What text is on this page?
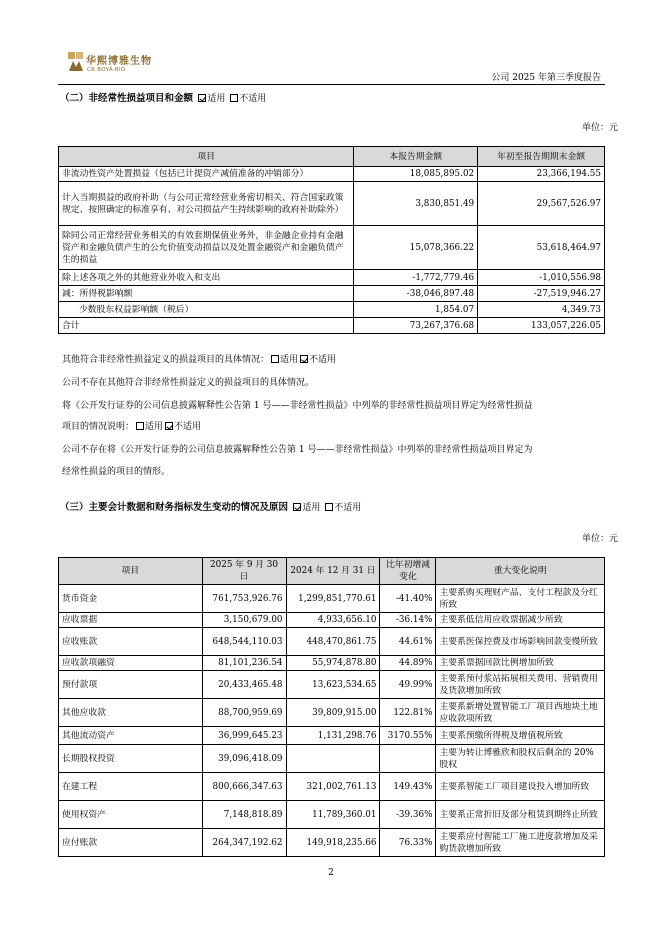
华熙博雅生物
CR BOYA-BIO
公司 2025 年第三季度报告
（二）非经常性损益项目和金额 适用 不适用
单位：元
项目	本报告期金额	年初至报告期期末金额
非流动性资产处置损益（包括已计提资产减值准备的冲销部分）	18,085,895.02	23,366,194.55
计入当期损益的政府补助（与公司正常经营业务密切相关、符合国家政策规定、按照确定的标准享有、对公司损益产生持续影响的政府补助除外）	3,830,851.49	29,567,526.97
除同公司正常经营业务相关的有效套期保值业务外，非金融企业持有金融资产和金融负债产生的公允价值变动损益以及处置金融资产和金融负债产生的损益	15,078,366.22	53,618,464.97
除上述各项之外的其他营业外收入和支出	-1,772,779.46	-1,010,556.98
减：所得税影响额	-38,046,897.48	-27,519,946.27
少数股东权益影响额（税后）	1,854.07	4,349.73
合计	73,267,376.68	133,057,226.05
其他符合非经常性损益定义的损益项目的具体情况： 适用 不适用
公司不存在其他符合非经常性损益定义的损益项目的具体情况。
将《公开发行证券的公司信息披露解释性公告第 1 号——非经常性损益》中列举的非经常性损益项目界定为经常性损益
项目的情况说明： 适用 不适用
公司不存在将《公开发行证券的公司信息披露解释性公告第 1 号——非经常性损益》中列举的非经常性损益项目界定为
经常性损益的项目的情形。
（三）主要会计数据和财务指标发生变动的情况及原因 适用 不适用
单位：元
项目	2025 年 9 月 30 日	2024 年 12 月 31 日	比年初增减变化	重大变化说明
货币资金	761,753,926.76	1,299,851,770.61	-41.40%	主要系购买理财产品、支付工程款及分红所致
应收票据	3,150,679.00	4,933,656.10	-36.14%	主要系低信用应收票据减少所致
应收账款	648,544,110.03	448,470,861.75	44.61%	主要系医保控费及市场影响回款变慢所致
应收款项融资	81,101,236.54	55,974,878.80	44.89%	主要系票据回款比例增加所致
预付款项	20,433,465.48	13,623,534.65	49.99%	主要系预付浆站拓展相关费用、营销费用及货款增加所致
其他应收款	88,700,959.69	39,809,915.00	122.81%	主要系新增处置智能工厂项目西地块土地应收款项所致
其他流动资产	36,999,645.23	1,131,298.76	3170.55%	主要系预缴所得税及增值税所致
长期股权投资	39,096,418.09			主要为转让博雅欣和股权后剩余的 20%股权
在建工程	800,666,347.63	321,002,761.13	149.43%	主要系智能工厂项目建设投入增加所致
使用权资产	7,148,818.89	11,789,360.01	-39.36%	主要系正常折旧及部分租赁到期终止所致
应付账款	264,347,192.62	149,918,235.66	76.33%	主要系应付智能工厂施工进度款增加及采购货款增加所致
2
